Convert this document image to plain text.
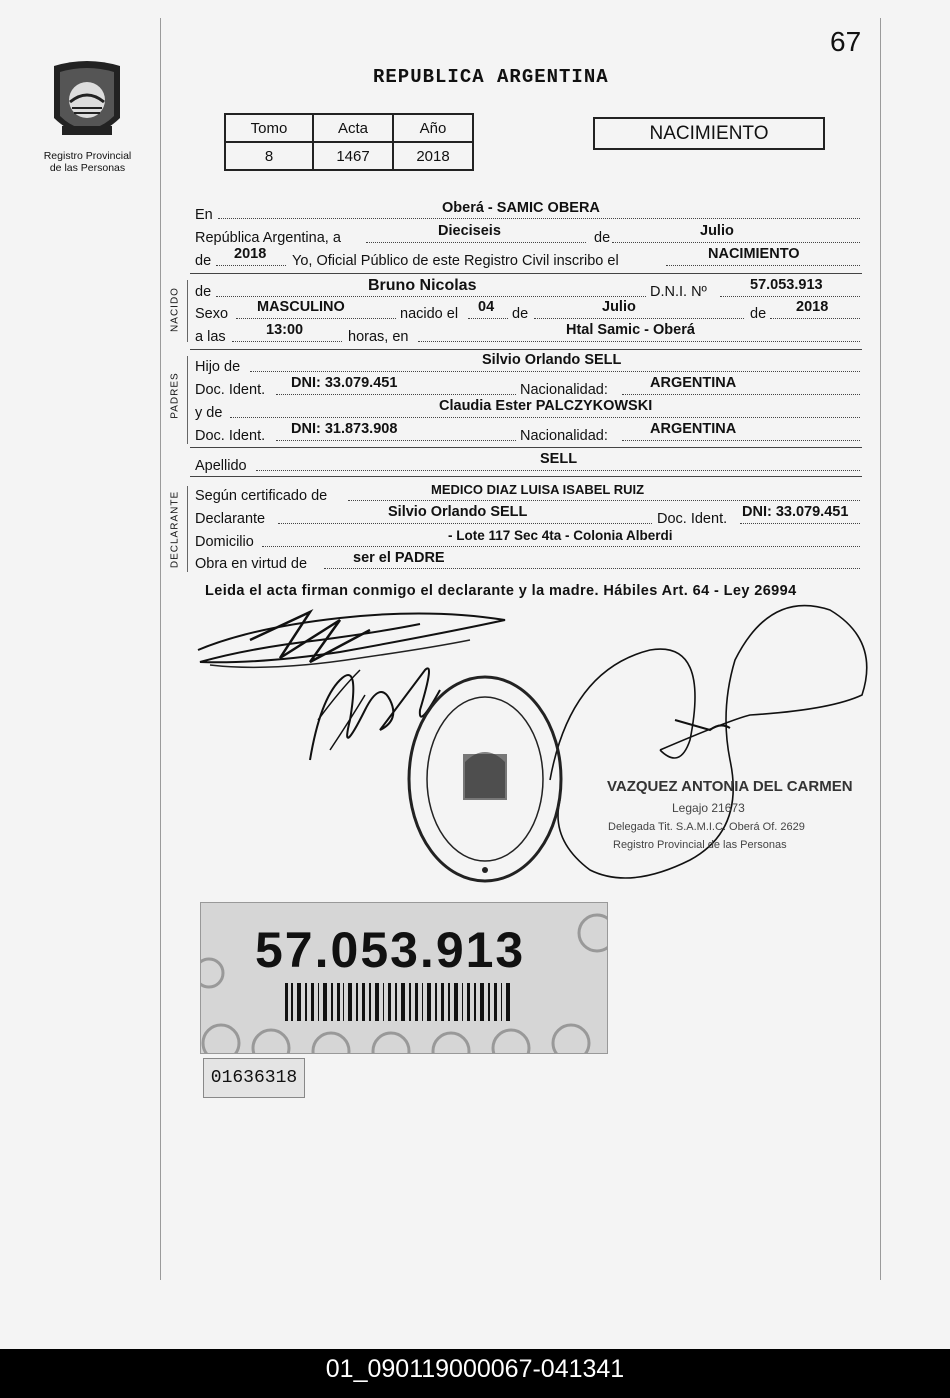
67
Registro Provincial
de las Personas
REPUBLICA ARGENTINA
Tomo	Acta	Año
8	1467	2018
NACIMIENTO
En	Oberá - SAMIC OBERA
República Argentina, a	Dieciseis	de	Julio
de 2018 Yo, Oficial Público de este Registro Civil inscribo el	NACIMIENTO
NACIDO de	Bruno Nicolas	D.N.I. Nº	57.053.913
Sexo MASCULINO	nacido el 04 de	Julio	de 2018
a las	13:00	horas, en	Htal Samic - Oberá
PADRES
Hijo de	Silvio Orlando SELL
Doc. Ident. DNI: 33.079.451	Nacionalidad:	ARGENTINA
y de	Claudia Ester PALCZYKOWSKI
Doc. Ident. DNI: 31.873.908	Nacionalidad:	ARGENTINA
Apellido	SELL
DECLARANTE Según certificado de	MEDICO DIAZ LUISA ISABEL RUIZ
Declarante	Silvio Orlando SELL	Doc. Ident. DNI: 33.079.451
Domicilio	- Lote 117 Sec 4ta - Colonia Alberdi
Obra en virtud de	ser el PADRE
Leida el acta firman conmigo el declarante y la madre. Hábiles Art. 64 - Ley 26994
VAZQUEZ ANTONIA DEL CARMEN
Legajo 21673
Delegada Tit. S.A.M.I.C. Oberá Of. 2629
Registro Provincial de las Personas
57.053.913
01636318
01_090119000067-041341
